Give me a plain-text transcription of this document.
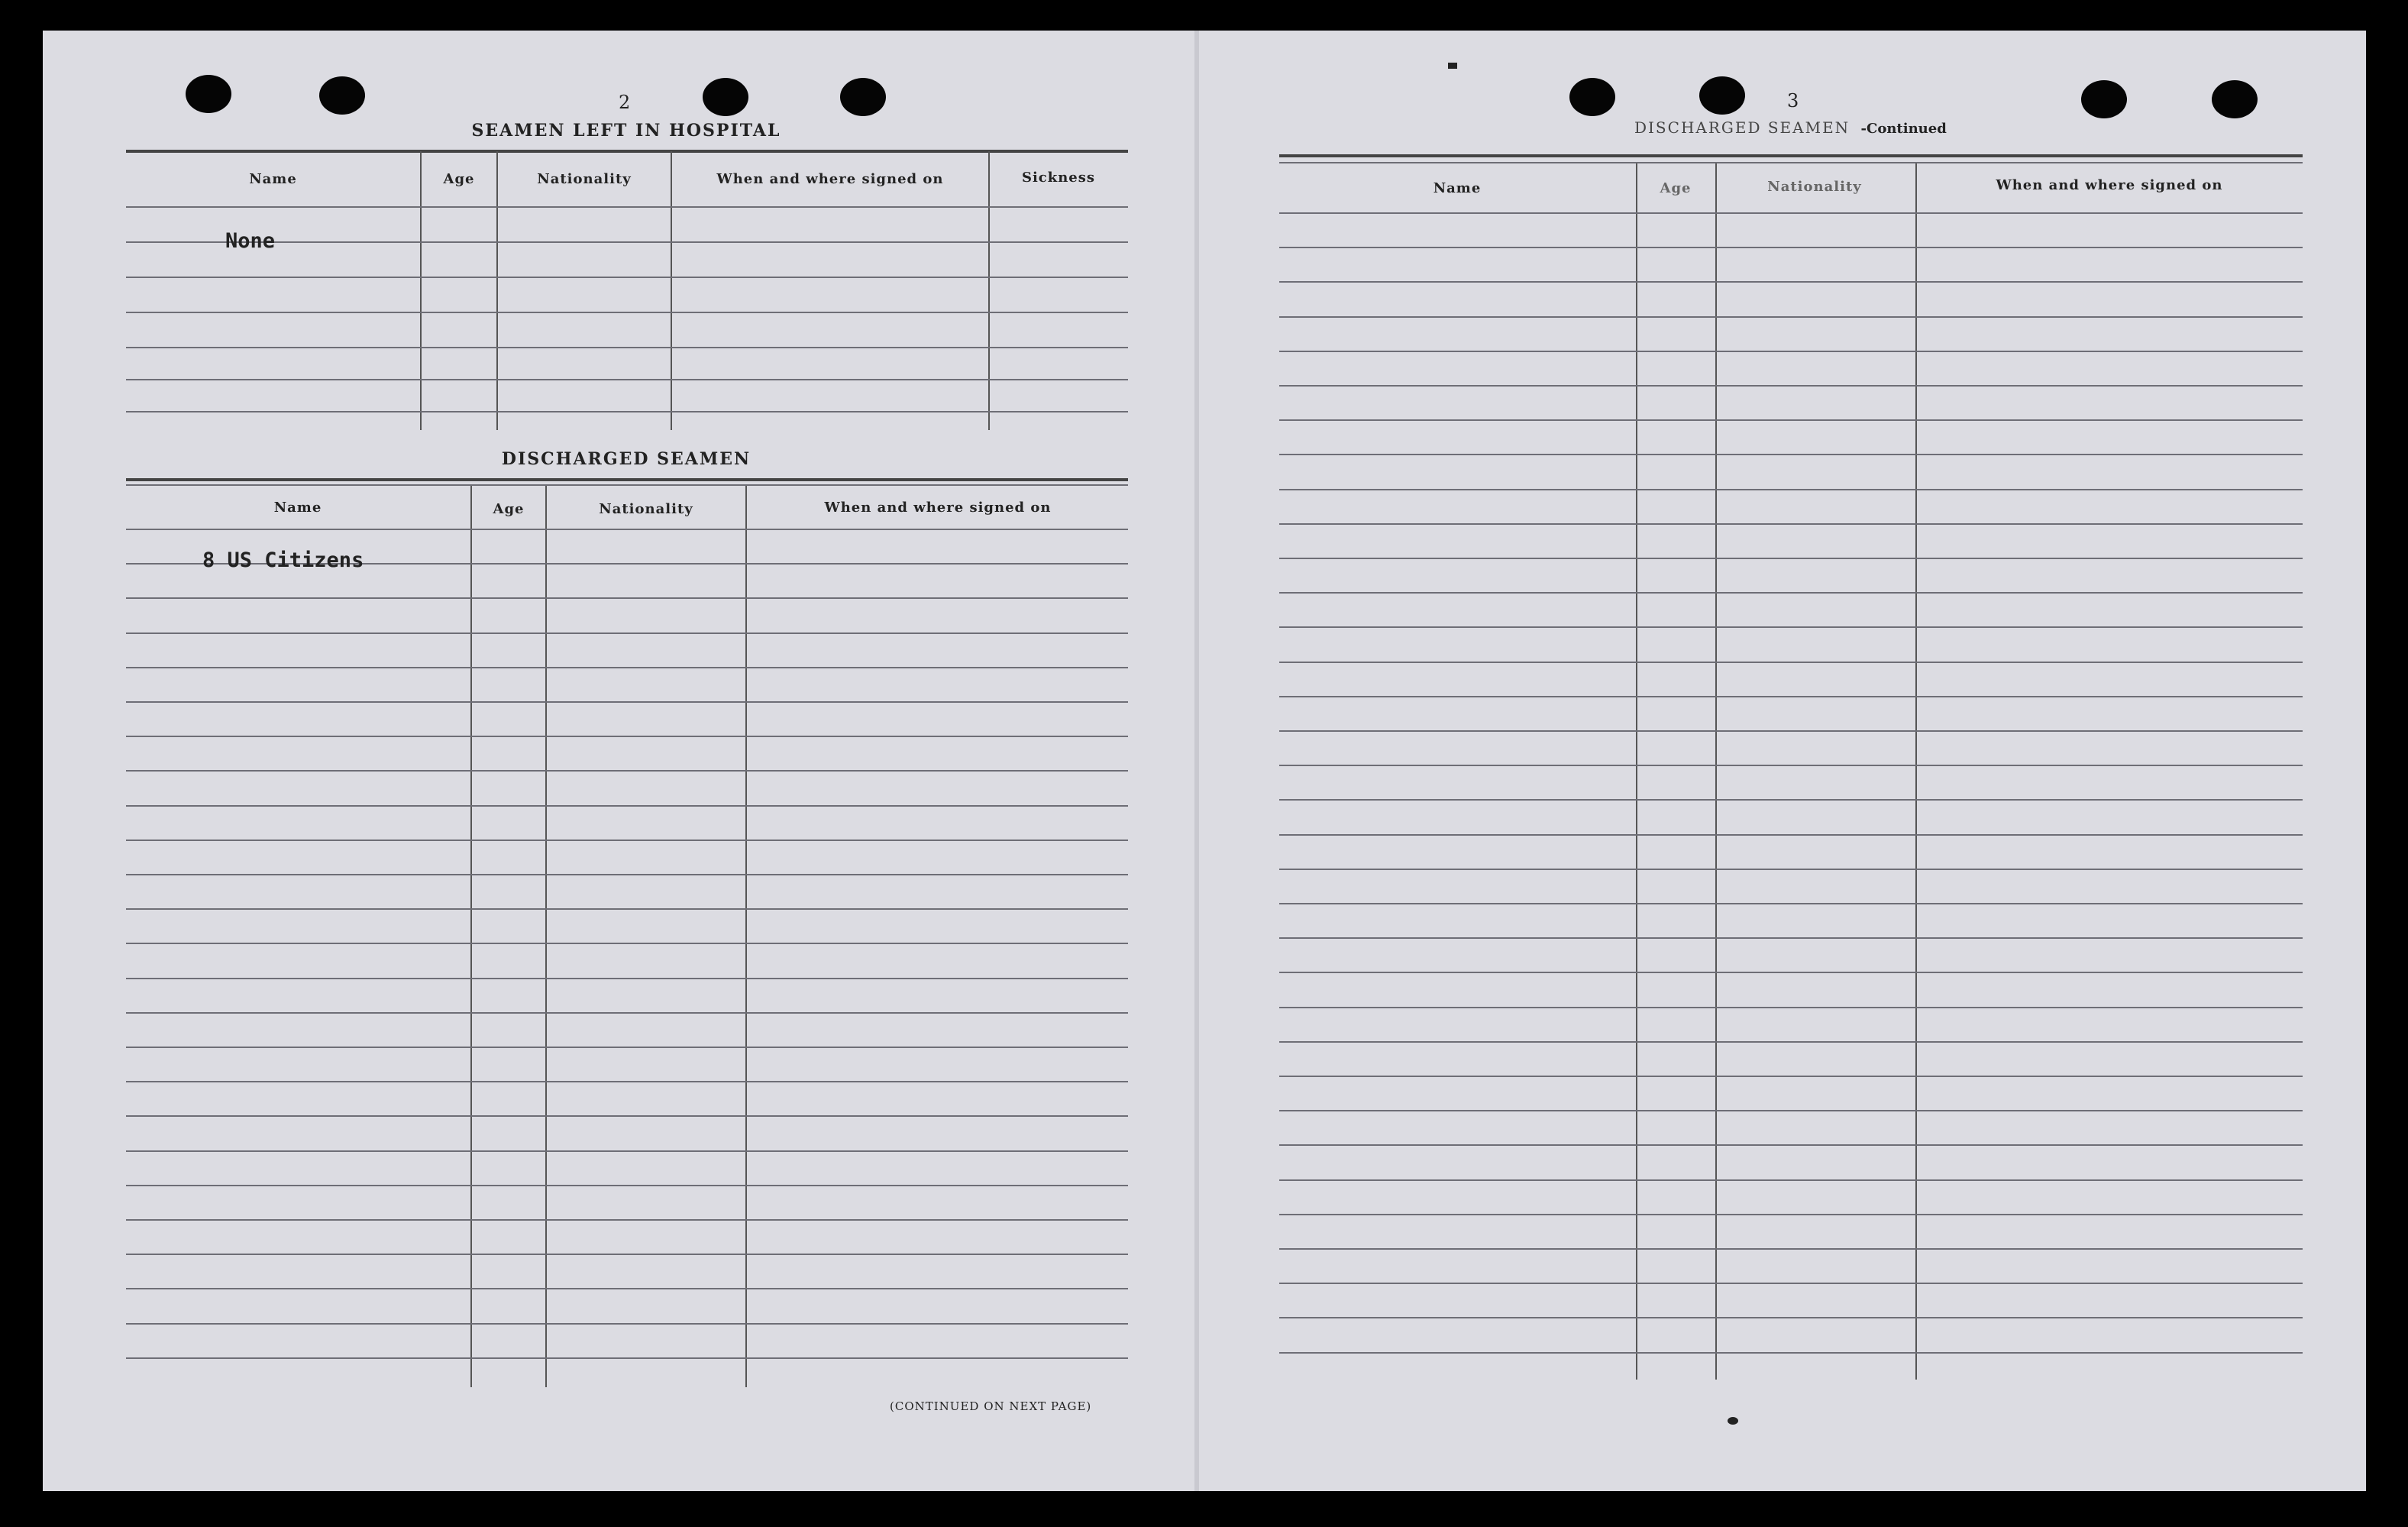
2
SEAMEN LEFT IN HOSPITAL
Name	Age	Nationality	When and where signed on	Sickness
None
DISCHARGED SEAMEN
Name	Age	Nationality	When and where signed on
8 US Citizens
(CONTINUED ON NEXT PAGE)
3
DISCHARGED SEAMEN -Continued
Name	Age	Nationality	When and where signed on
